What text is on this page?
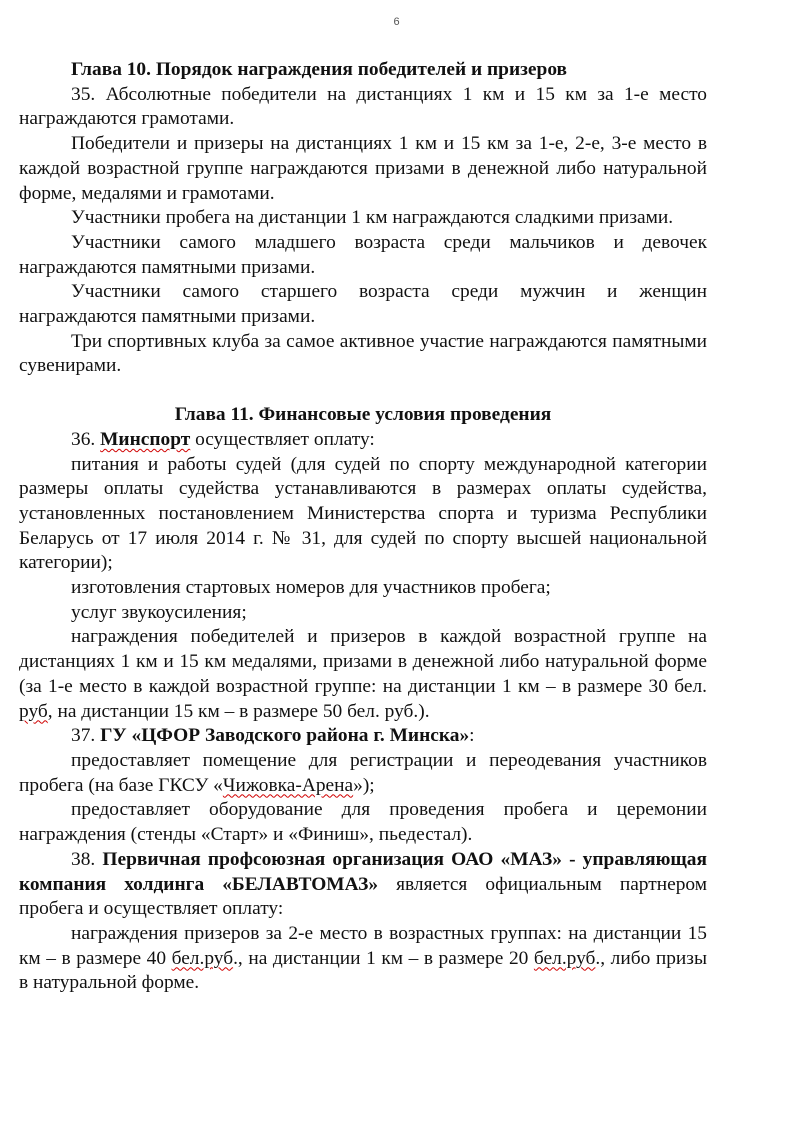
6
Глава 10. Порядок награждения победителей и призеров

35. Абсолютные победители на дистанциях 1 км и 15 км за 1-е место награждаются грамотами.

Победители и призеры на дистанциях 1 км и 15 км за 1-е, 2-е, 3-е место в каждой возрастной группе награждаются призами в денежной либо натуральной форме, медалями и грамотами.

Участники пробега на дистанции 1 км награждаются сладкими призами.

Участники самого младшего возраста среди мальчиков и девочек награждаются памятными призами.

Участники самого старшего возраста среди мужчин и женщин награждаются памятными призами.

Три спортивных клуба за самое активное участие награждаются памятными сувенирами.

Глава 11. Финансовые условия проведения

36. Минспорт осуществляет оплату:

питания и работы судей (для судей по спорту международной категории размеры оплаты судейства устанавливаются в размерах оплаты судейства, установленных постановлением Министерства спорта и туризма Республики Беларусь от 17 июля 2014 г. № 31, для судей по спорту высшей национальной категории);

изготовления стартовых номеров для участников пробега;

услуг звукоусиления;

награждения победителей и призеров в каждой возрастной группе на дистанциях 1 км и 15 км медалями, призами в денежной либо натуральной форме (за 1-е место в каждой возрастной группе: на дистанции 1 км – в размере 30 бел. руб, на дистанции 15 км – в размере 50 бел. руб.).

37. ГУ «ЦФОР Заводского района г. Минска»:

предоставляет помещение для регистрации и переодевания участников пробега (на базе ГКСУ «Чижовка-Арена»);

предоставляет оборудование для проведения пробега и церемонии награждения (стенды «Старт» и «Финиш», пьедестал).

38. Первичная профсоюзная организация ОАО «МАЗ» - управляющая компания холдинга «БЕЛАВТОМАЗ» является официальным партнером пробега и осуществляет оплату:

награждения призеров за 2-е место в возрастных группах: на дистанции 15 км – в размере 40 бел.руб., на дистанции 1 км – в размере 20 бел.руб., либо призы в натуральной форме.
